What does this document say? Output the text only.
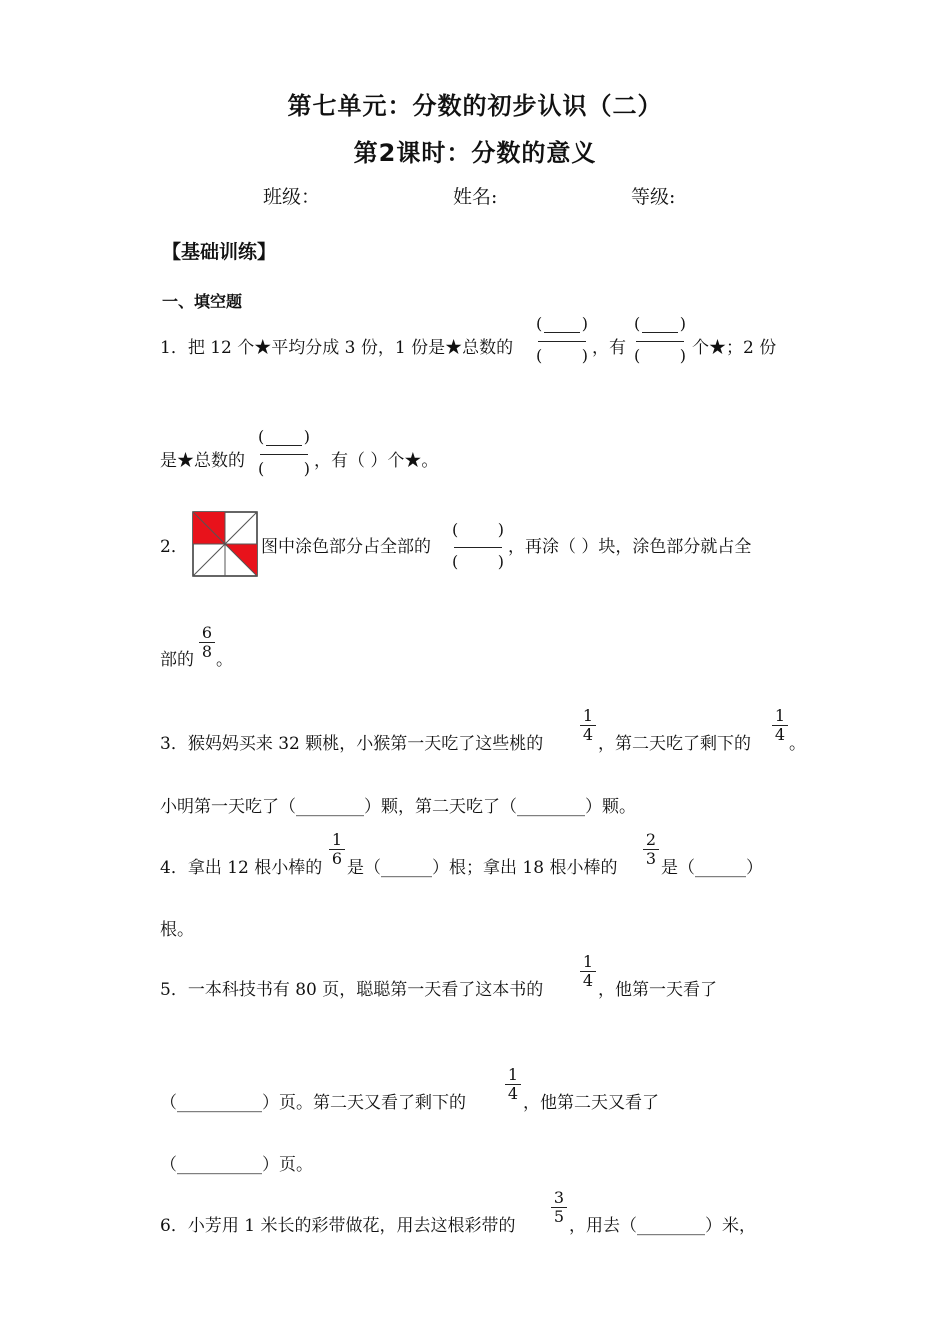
第七单元：分数的初步认识（二）
第2课时：分数的意义
班级：	姓名:	等级:
【基础训练】
一、填空题
1．把 12 个★平均分成 3 份，1 份是★总数的
( )
( ) ，有
( )
( ) 个★；2 份
是★总数的
( )
( ) ，有（ ）个★。
2．	图中涂色部分占全部的
( )
( )
，再涂（ ）块，涂色部分就占全
部的
6
8 。
3．猴妈妈买来 32 颗桃，小猴第一天吃了这些桃的
1
4 ，第二天吃了剩下的
1
4 。
小明第一天吃了（________）颗，第二天吃了（________）颗。
4．拿出 12 根小棒的
1
6 是（______）根；拿出 18 根小棒的
2
3 是（______）
根。
5．一本科技书有 80 页，聪聪第一天看了这本书的
1
4 ，他第一天看了
（__________）页。第二天又看了剩下的
1
4 ，他第二天又看了
（__________）页。
6．小芳用 1 米长的彩带做花，用去这根彩带的
3
5 ，用去（________）米，
